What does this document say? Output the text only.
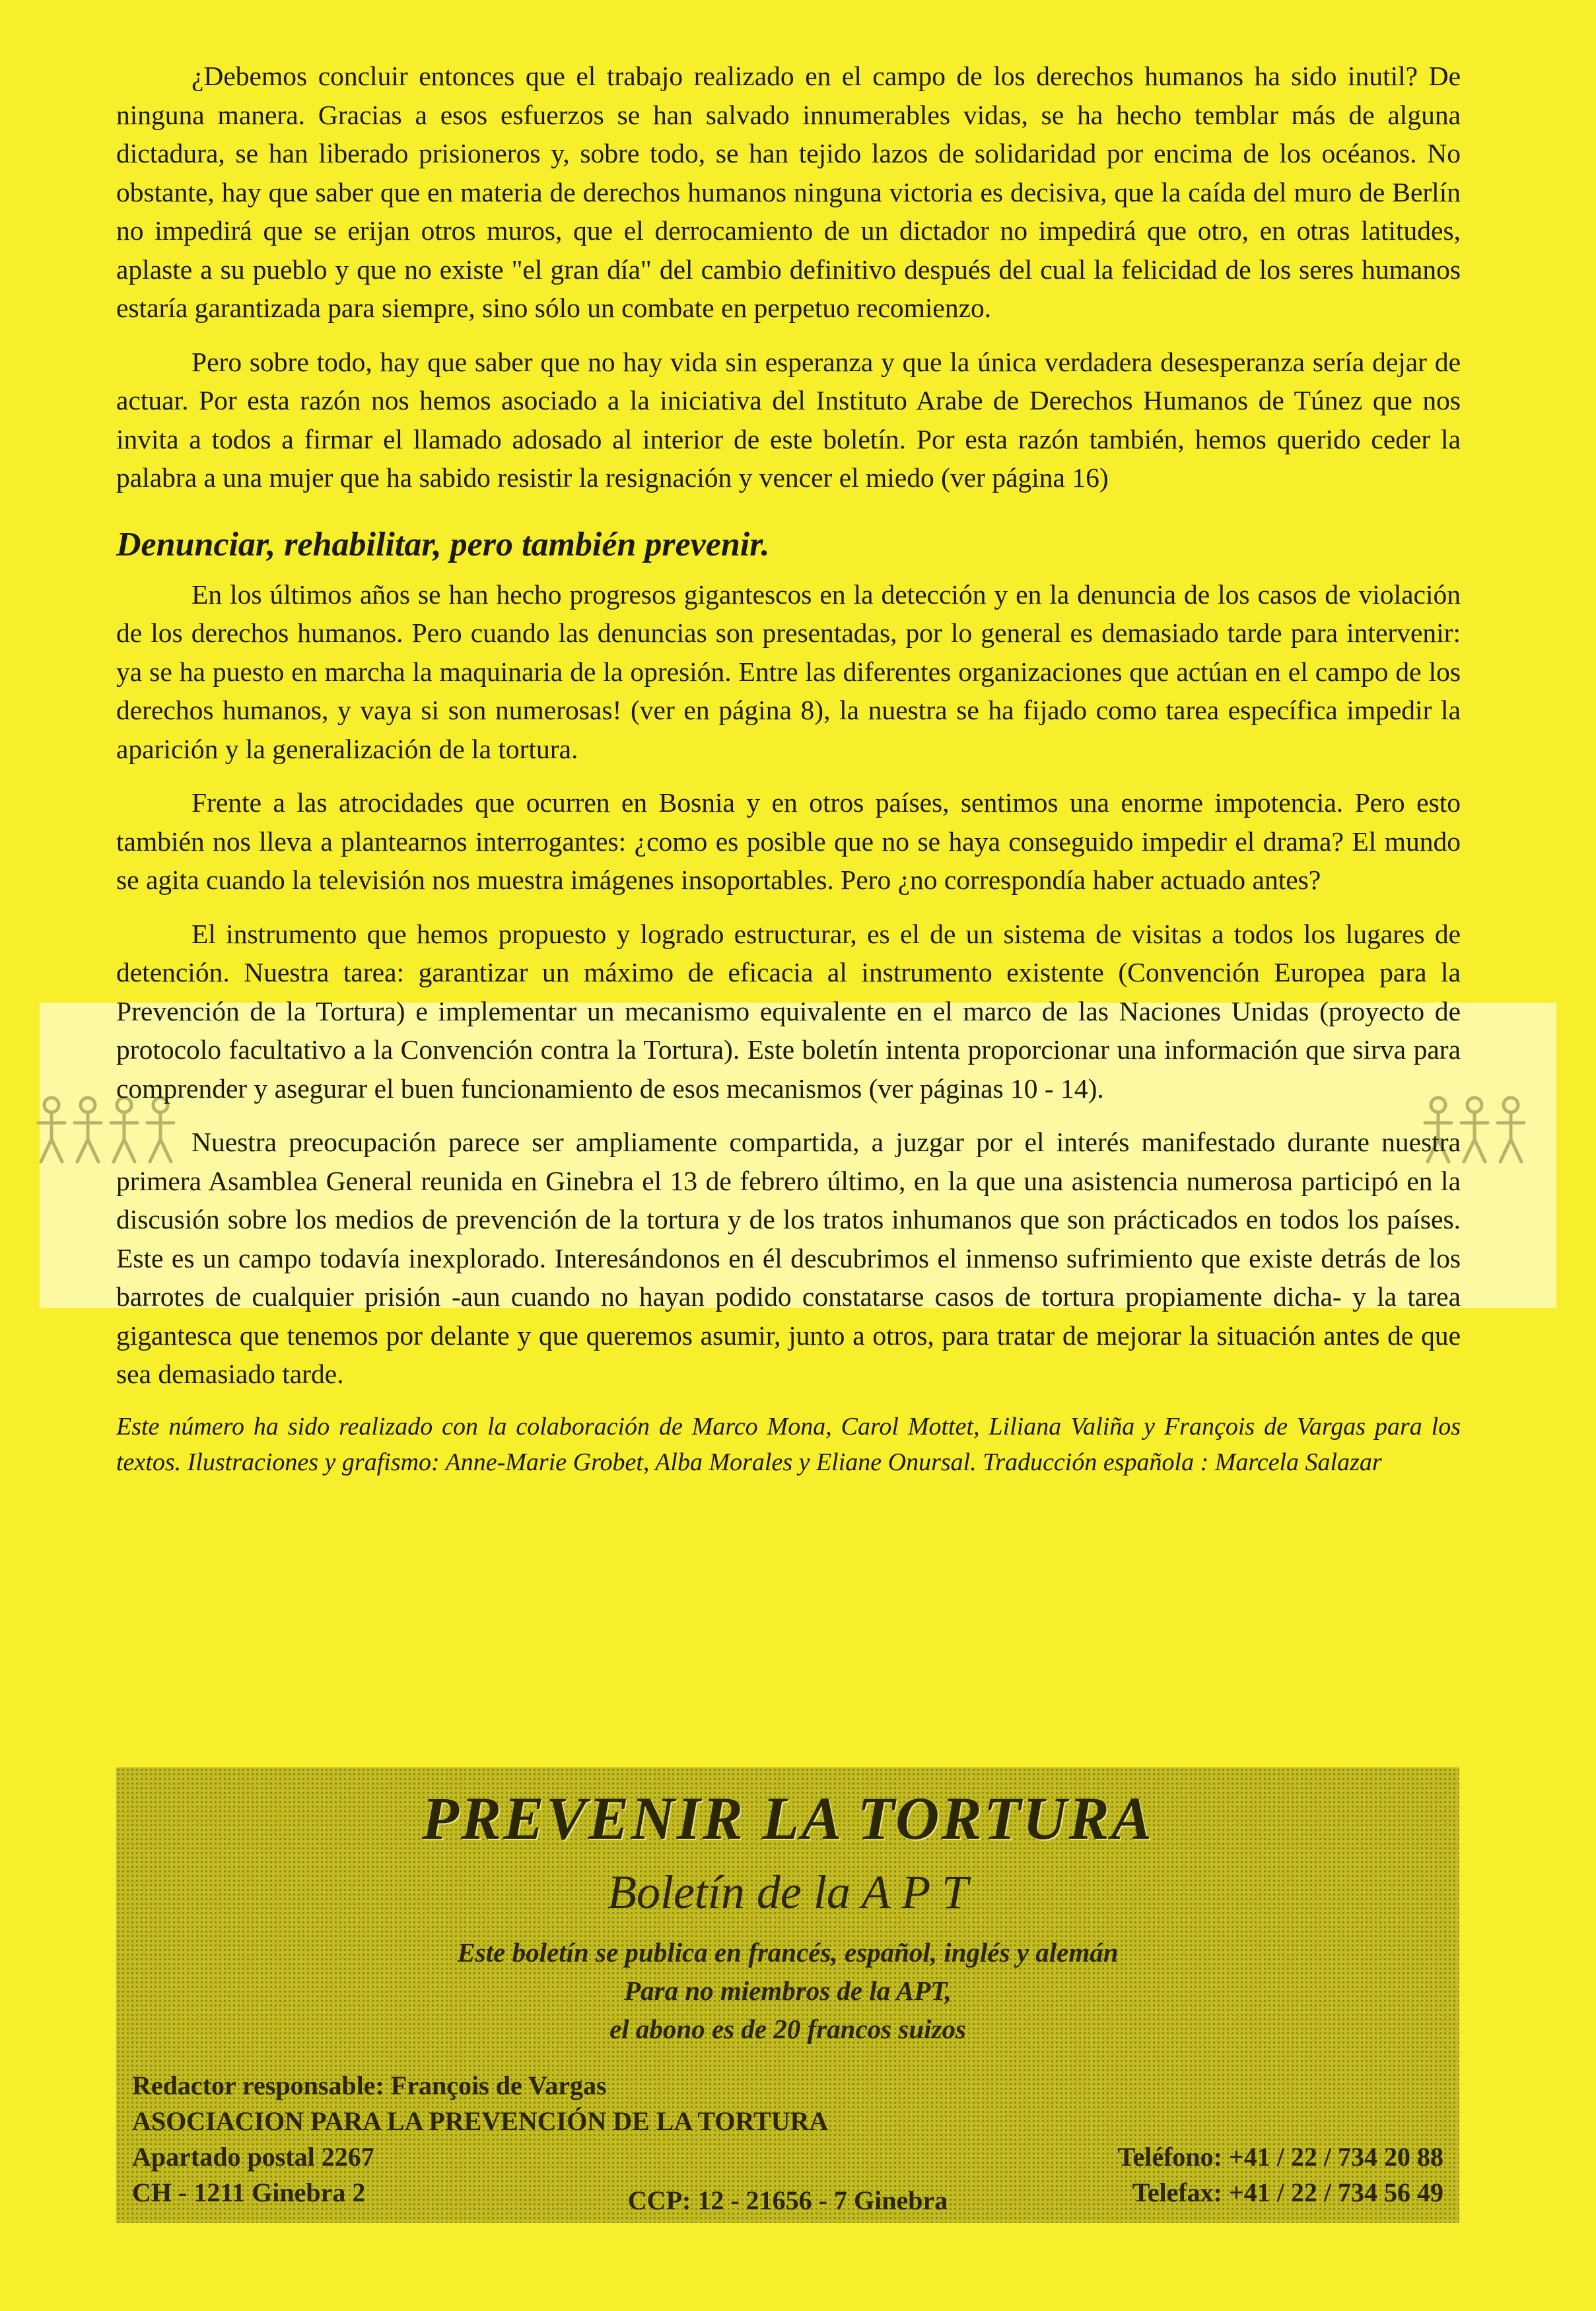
¿Debemos concluir entonces que el trabajo realizado en el campo de los derechos humanos ha sido inutil? De ninguna manera. Gracias a esos esfuerzos se han salvado innumerables vidas, se ha hecho temblar más de alguna dictadura, se han liberado prisioneros y, sobre todo, se han tejido lazos de solidaridad por encima de los océanos. No obstante, hay que saber que en materia de derechos humanos ninguna victoria es decisiva, que la caída del muro de Berlín no impedirá que se erijan otros muros, que el derrocamiento de un dictador no impedirá que otro, en otras latitudes, aplaste a su pueblo y que no existe "el gran día" del cambio definitivo después del cual la felicidad de los seres humanos estaría garantizada para siempre, sino sólo un combate en perpetuo recomienzo.

Pero sobre todo, hay que saber que no hay vida sin esperanza y que la única verdadera desesperanza sería dejar de actuar. Por esta razón nos hemos asociado a la iniciativa del Instituto Arabe de Derechos Humanos de Túnez que nos invita a todos a firmar el llamado adosado al interior de este boletín. Por esta razón también, hemos querido ceder la palabra a una mujer que ha sabido resistir la resignación y vencer el miedo (ver página 16)

Denunciar, rehabilitar, pero también prevenir.

En los últimos años se han hecho progresos gigantescos en la detección y en la denuncia de los casos de violación de los derechos humanos. Pero cuando las denuncias son presentadas, por lo general es demasiado tarde para intervenir: ya se ha puesto en marcha la maquinaria de la opresión. Entre las diferentes organizaciones que actúan en el campo de los derechos humanos, y vaya si son numerosas! (ver en página 8), la nuestra se ha fijado como tarea específica impedir la aparición y la generalización de la tortura.

Frente a las atrocidades que ocurren en Bosnia y en otros países, sentimos una enorme impotencia. Pero esto también nos lleva a plantearnos interrogantes: ¿como es posible que no se haya conseguido impedir el drama? El mundo se agita cuando la televisión nos muestra imágenes insoportables. Pero ¿no correspondía haber actuado antes?

El instrumento que hemos propuesto y logrado estructurar, es el de un sistema de visitas a todos los lugares de detención. Nuestra tarea: garantizar un máximo de eficacia al instrumento existente (Convención Europea para la Prevención de la Tortura) e implementar un mecanismo equivalente en el marco de las Naciones Unidas (proyecto de protocolo facultativo a la Convención contra la Tortura). Este boletín intenta proporcionar una información que sirva para comprender y asegurar el buen funcionamiento de esos mecanismos (ver páginas 10 - 14).

Nuestra preocupación parece ser ampliamente compartida, a juzgar por el interés manifestado durante nuestra primera Asamblea General reunida en Ginebra el 13 de febrero último, en la que una asistencia numerosa participó en la discusión sobre los medios de prevención de la tortura y de los tratos inhumanos que son prácticados en todos los países. Este es un campo todavía inexplorado. Interesándonos en él descubrimos el inmenso sufrimiento que existe detrás de los barrotes de cualquier prisión -aun cuando no hayan podido constatarse casos de tortura propiamente dicha- y la tarea gigantesca que tenemos por delante y que queremos asumir, junto a otros, para tratar de mejorar la situación antes de que sea demasiado tarde.

Este número ha sido realizado con la colaboración de Marco Mona, Carol Mottet, Liliana Valiña y François de Vargas para los textos. Ilustraciones y grafismo: Anne-Marie Grobet, Alba Morales y Eliane Onursal. Traducción española : Marcela Salazar

PREVENIR LA TORTURA
Boletín de la A P T
Este boletín se publica en francés, español, inglés y alemán
Para no miembros de la APT,
el abono es de 20 francos suizos
Redactor responsable: François de Vargas
ASOCIACION PARA LA PREVENCIÓN DE LA TORTURA
Apartado postal 2267
CH - 1211 Ginebra 2
Teléfono: +41 / 22 / 734 20 88
Telefax: +41 / 22 / 734 56 49
CCP: 12 - 21656 - 7 Ginebra
